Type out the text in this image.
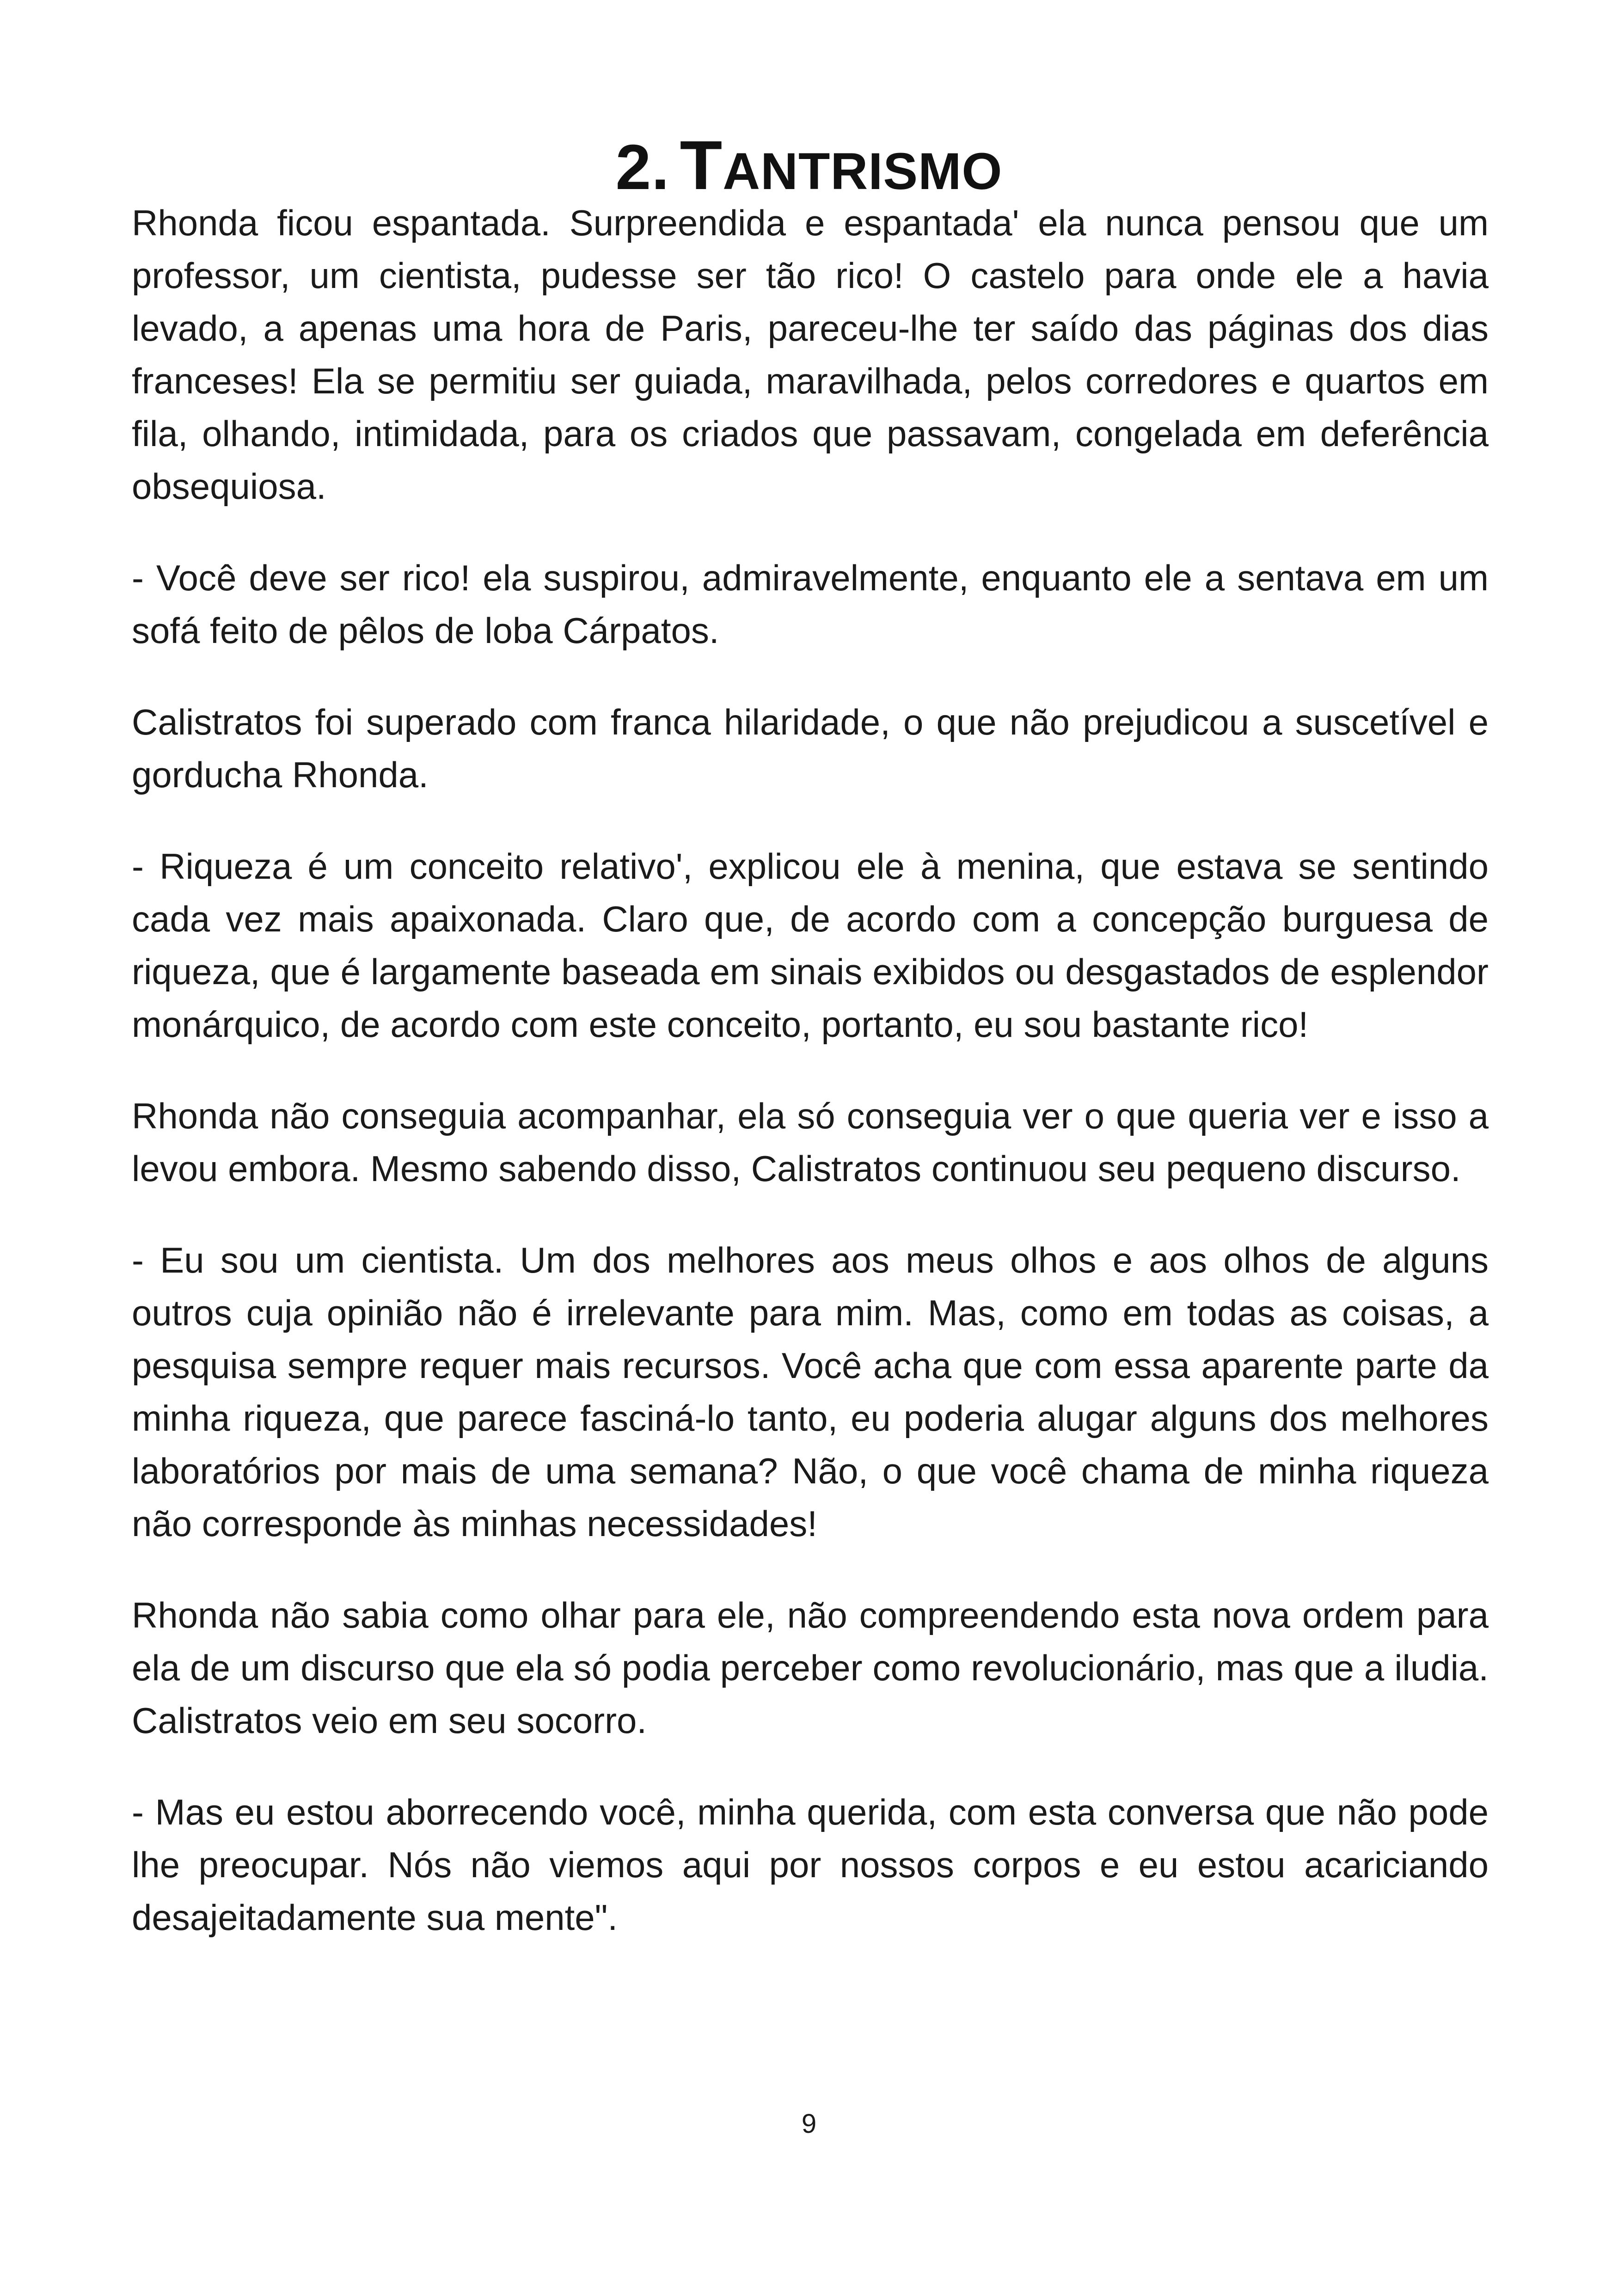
2. TANTRISMO

Rhonda ficou espantada. Surpreendida e espantada' ela nunca pensou que um professor, um cientista, pudesse ser tão rico! O castelo para onde ele a havia levado, a apenas uma hora de Paris, pareceu-lhe ter saído das páginas dos dias franceses! Ela se permitiu ser guiada, maravilhada, pelos corredores e quartos em fila, olhando, intimidada, para os criados que passavam, congelada em deferência obsequiosa.

- Você deve ser rico! ela suspirou, admiravelmente, enquanto ele a sentava em um sofá feito de pêlos de loba Cárpatos.

Calistratos foi superado com franca hilaridade, o que não prejudicou a suscetível e gorducha Rhonda.

- Riqueza é um conceito relativo', explicou ele à menina, que estava se sentindo cada vez mais apaixonada. Claro que, de acordo com a concepção burguesa de riqueza, que é largamente baseada em sinais exibidos ou desgastados de esplendor monárquico, de acordo com este conceito, portanto, eu sou bastante rico!

Rhonda não conseguia acompanhar, ela só conseguia ver o que queria ver e isso a levou embora. Mesmo sabendo disso, Calistratos continuou seu pequeno discurso.

- Eu sou um cientista. Um dos melhores aos meus olhos e aos olhos de alguns outros cuja opinião não é irrelevante para mim. Mas, como em todas as coisas, a pesquisa sempre requer mais recursos. Você acha que com essa aparente parte da minha riqueza, que parece fasciná-lo tanto, eu poderia alugar alguns dos melhores laboratórios por mais de uma semana? Não, o que você chama de minha riqueza não corresponde às minhas necessidades!

Rhonda não sabia como olhar para ele, não compreendendo esta nova ordem para ela de um discurso que ela só podia perceber como revolucionário, mas que a iludia. Calistratos veio em seu socorro.

- Mas eu estou aborrecendo você, minha querida, com esta conversa que não pode lhe preocupar. Nós não viemos aqui por nossos corpos e eu estou acariciando desajeitadamente sua mente".

9
